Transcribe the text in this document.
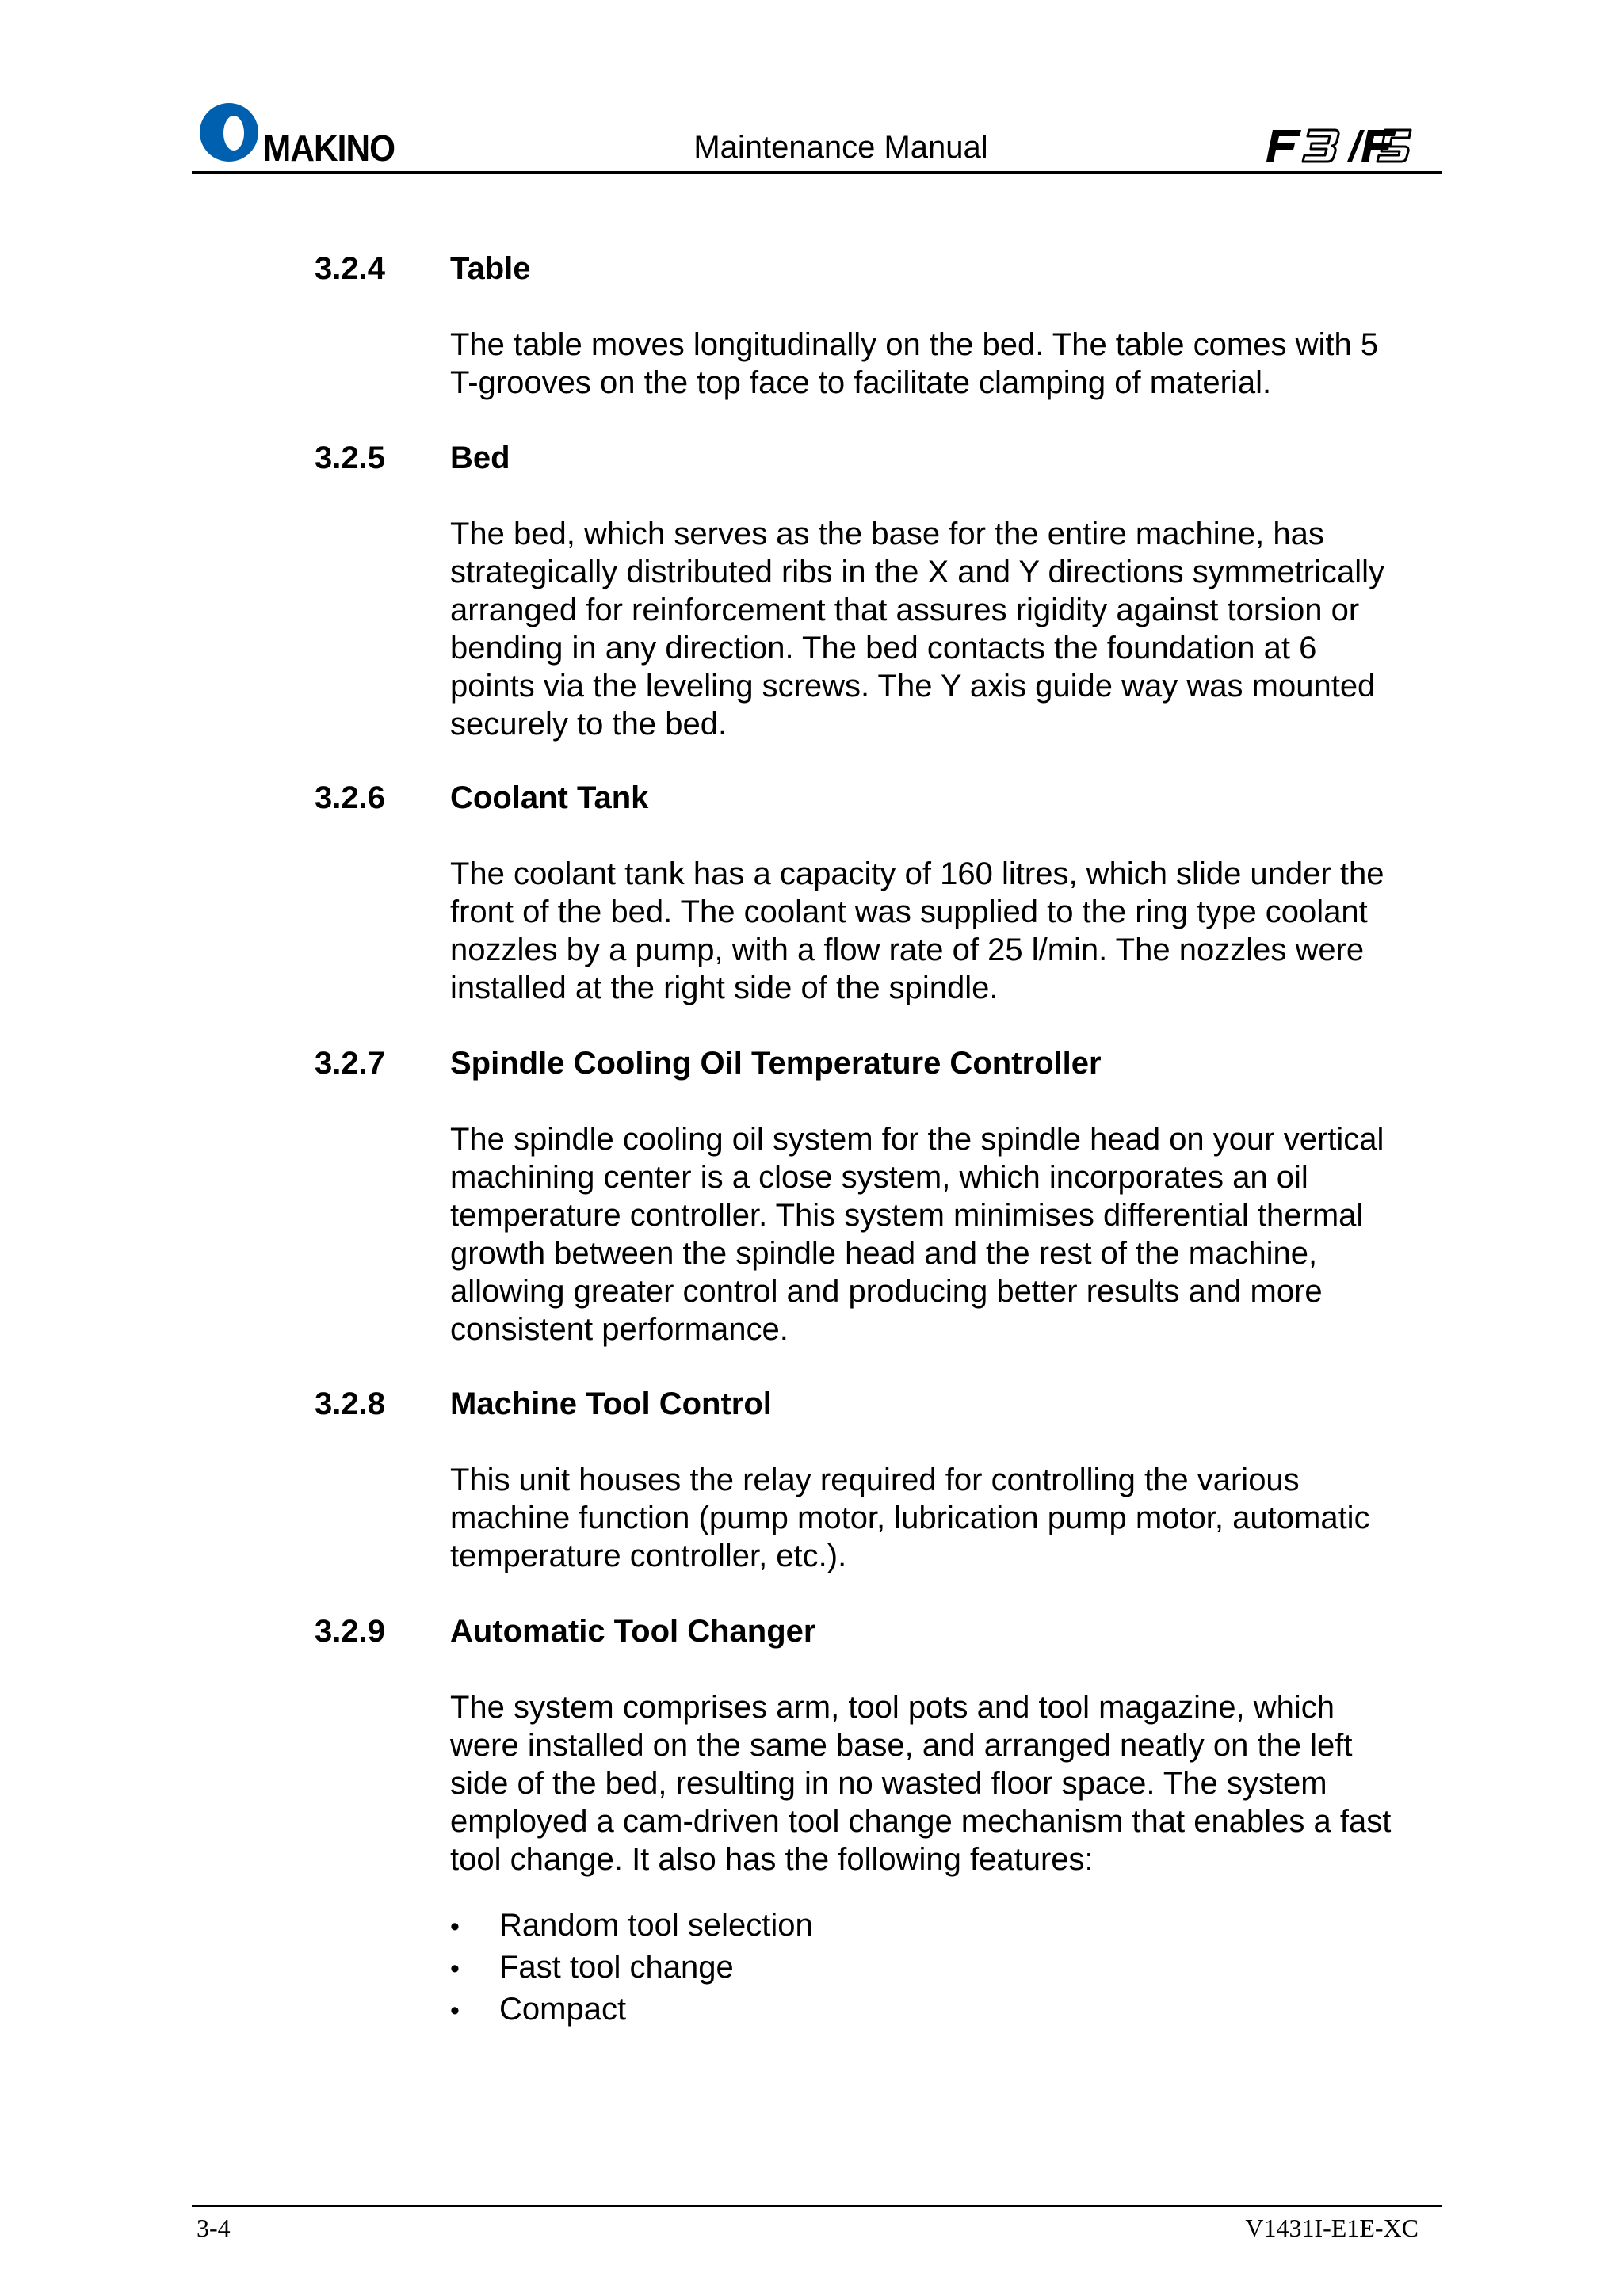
MAKINO	Maintenance Manual
3.2.4 Table
The table moves longitudinally on the bed. The table comes with 5
T-grooves on the top face to facilitate clamping of material.
3.2.5 Bed
The bed, which serves as the base for the entire machine, has
strategically distributed ribs in the X and Y directions symmetrically
arranged for reinforcement that assures rigidity against torsion or
bending in any direction. The bed contacts the foundation at 6
points via the leveling screws. The Y axis guide way was mounted
securely to the bed.
3.2.6 Coolant Tank
The coolant tank has a capacity of 160 litres, which slide under the
front of the bed. The coolant was supplied to the ring type coolant
nozzles by a pump, with a flow rate of 25 l/min. The nozzles were
installed at the right side of the spindle.
3.2.7 Spindle Cooling Oil Temperature Controller
The spindle cooling oil system for the spindle head on your vertical
machining center is a close system, which incorporates an oil
temperature controller. This system minimises differential thermal
growth between the spindle head and the rest of the machine,
allowing greater control and producing better results and more
consistent performance.
3.2.8 Machine Tool Control
This unit houses the relay required for controlling the various
machine function (pump motor, lubrication pump motor, automatic
temperature controller, etc.).
3.2.9 Automatic Tool Changer
The system comprises arm, tool pots and tool magazine, which
were installed on the same base, and arranged neatly on the left
side of the bed, resulting in no wasted floor space. The system
employed a cam-driven tool change mechanism that enables a fast
tool change. It also has the following features:
•	Random tool selection
•	Fast tool change
•	Compact
3-4	V1431I-E1E-XC
